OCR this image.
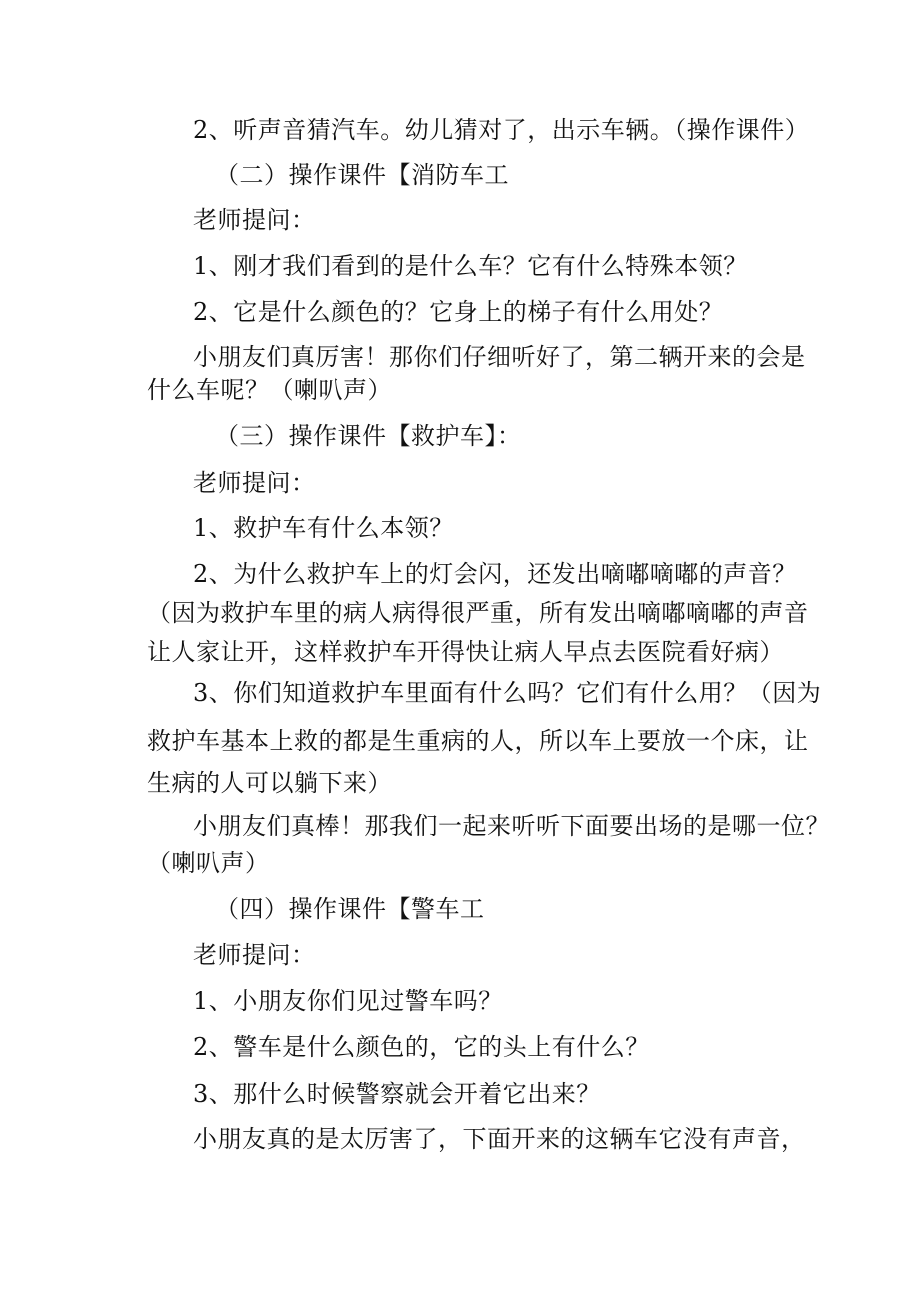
2、听声音猜汽车。幼儿猜对了，出示车辆。（操作课件）
（二）操作课件【消防车工
老师提问：
1、刚才我们看到的是什么车？它有什么特殊本领？
2、它是什么颜色的？它身上的梯子有什么用处？
小朋友们真厉害！那你们仔细听好了，第二辆开来的会是
什么车呢？（喇叭声）
（三）操作课件【救护车】：
老师提问：
1、救护车有什么本领？
2、为什么救护车上的灯会闪，还发出嘀嘟嘀嘟的声音？
（因为救护车里的病人病得很严重，所有发出嘀嘟嘀嘟的声音
让人家让开，这样救护车开得快让病人早点去医院看好病）
3、你们知道救护车里面有什么吗？它们有什么用？（因为
救护车基本上救的都是生重病的人，所以车上要放一个床，让
生病的人可以躺下来）
小朋友们真棒！那我们一起来听听下面要出场的是哪一位？
（喇叭声）
（四）操作课件【警车工
老师提问：
1、小朋友你们见过警车吗？
2、警车是什么颜色的，它的头上有什么？
3、那什么时候警察就会开着它出来？
小朋友真的是太厉害了，下面开来的这辆车它没有声音，
